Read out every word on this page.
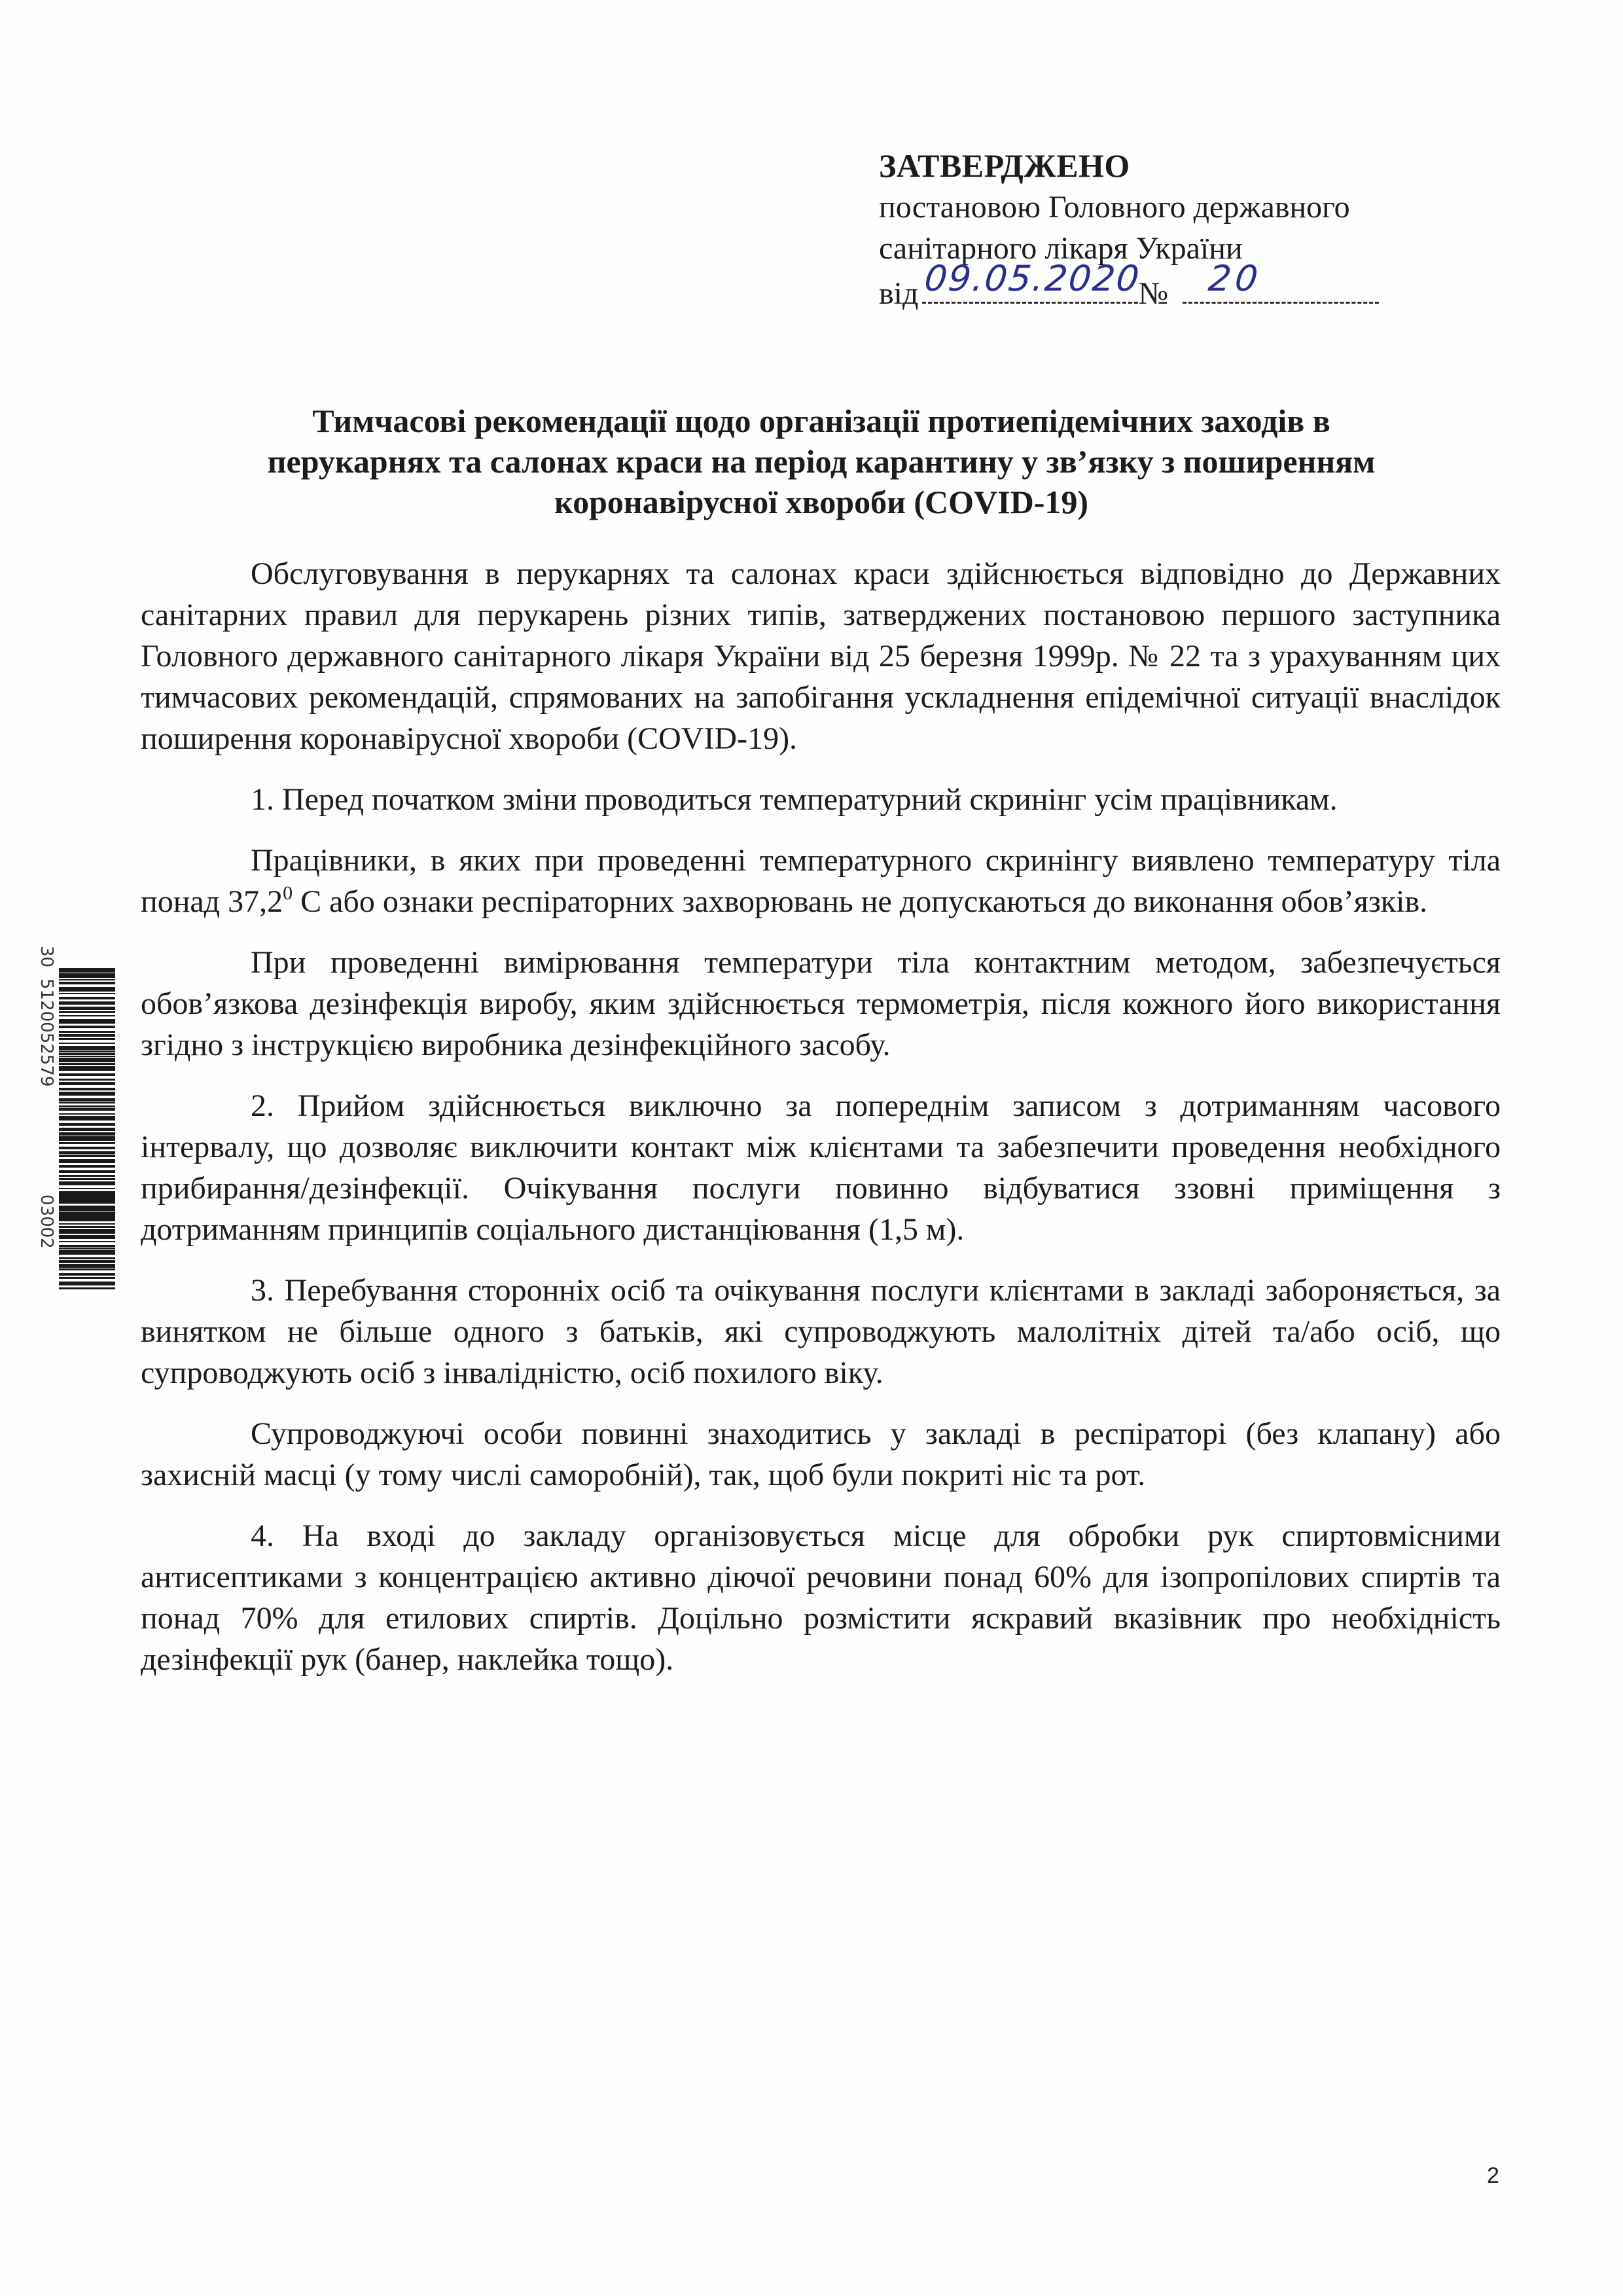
ЗАТВЕРДЖЕНО
постановою Головного державного
санітарного лікаря України
від 09.05.2020
№ 20
Тимчасові рекомендації щодо організації протиепідемічних заходів в
перукарнях та салонах краси на період карантину у зв’язку з поширенням
коронавірусної хвороби (COVID-19)

Обслуговування в перукарнях та салонах краси здійснюється відповідно до Державних санітарних правил для перукарень різних типів, затверджених постановою першого заступника Головного державного санітарного лікаря України від 25 березня 1999р. № 22 та з урахуванням цих тимчасових рекомендацій, спрямованих на запобігання ускладнення епідемічної ситуації внаслідок поширення коронавірусної хвороби (COVID-19).

1. Перед початком зміни проводиться температурний скринінг усім працівникам.

Працівники, в яких при проведенні температурного скринінгу виявлено температуру тіла понад 37,2$^0$ С або ознаки респіраторних захворювань не допускаються до виконання обов’язків.

При проведенні вимірювання температури тіла контактним методом, забезпечується обов’язкова дезінфекція виробу, яким здійснюється термометрія, після кожного його використання згідно з інструкцією виробника дезінфекційного засобу.

2. Прийом здійснюється виключно за попереднім записом з дотриманням часового інтервалу, що дозволяє виключити контакт між клієнтами та забезпечити проведення необхідного прибирання/дезінфекції. Очікування послуги повинно відбуватися ззовні приміщення з дотриманням принципів соціального дистанціювання (1,5 м).

3. Перебування сторонніх осіб та очікування послуги клієнтами в закладі забороняється, за винятком не більше одного з батьків, які супроводжують малолітніх дітей та/або осіб, що супроводжують осіб з інвалідністю, осіб похилого віку.

Супроводжуючі особи повинні знаходитись у закладі в респіраторі (без клапану) або захисній масці (у тому числі саморобній), так, щоб були покриті ніс та рот.

4. На вході до закладу організовується місце для обробки рук спиртовмісними антисептиками з концентрацією активно діючої речовини понад 60% для ізопропілових спиртів та понад 70% для етилових спиртів. Доцільно розмістити яскравий вказівник про необхідність дезінфекції рук (банер, наклейка тощо).

30
5120052579
03002
2
